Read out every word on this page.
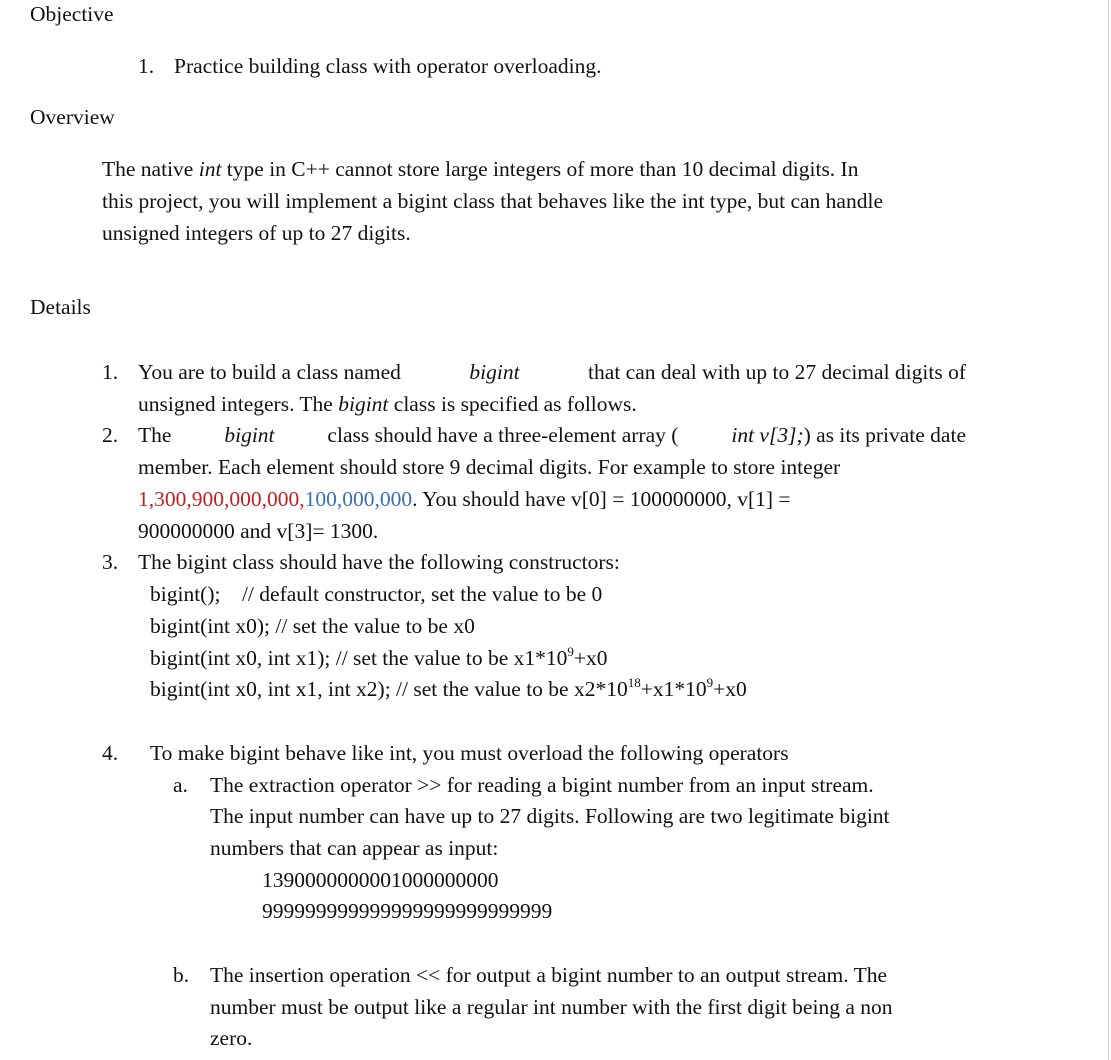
Objective
1. Practice building class with operator overloading.
Overview
The native int type in C++ cannot store large integers of more than 10 decimal digits. In
this project, you will implement a bigint class that behaves like the int type, but can handle
unsigned integers of up to 27 digits.
Details
1. You are to build a class named	bigint	that can deal with up to 27 decimal digits of
unsigned integers. The bigint class is specified as follows.
2. The bigint class should have a three-element array ( int v[3];) as its private date
member. Each element should store 9 decimal digits. For example to store integer
1,300,900,000,000,100,000,000. You should have v[0] = 100000000, v[1] =
900000000 and v[3]= 1300.
3. The bigint class should have the following constructors:
bigint();    // default constructor, set the value to be 0
bigint(int x0); // set the value to be x0
bigint(int x0, int x1); // set the value to be $x1*10^9+x0$
bigint(int x0, int x1, int x2); // set the value to be $x2*10^{18}+x1*10^9+x0$
4. To make bigint behave like int, you must overload the following operators
a. The extraction operator >> for reading a bigint number from an input stream.
The input number can have up to 27 digits. Following are two legitimate bigint
numbers that can appear as input:
1390000000001000000000
999999999999999999999999999
b. The insertion operation << for output a bigint number to an output stream. The
number must be output like a regular int number with the first digit being a non
zero.
